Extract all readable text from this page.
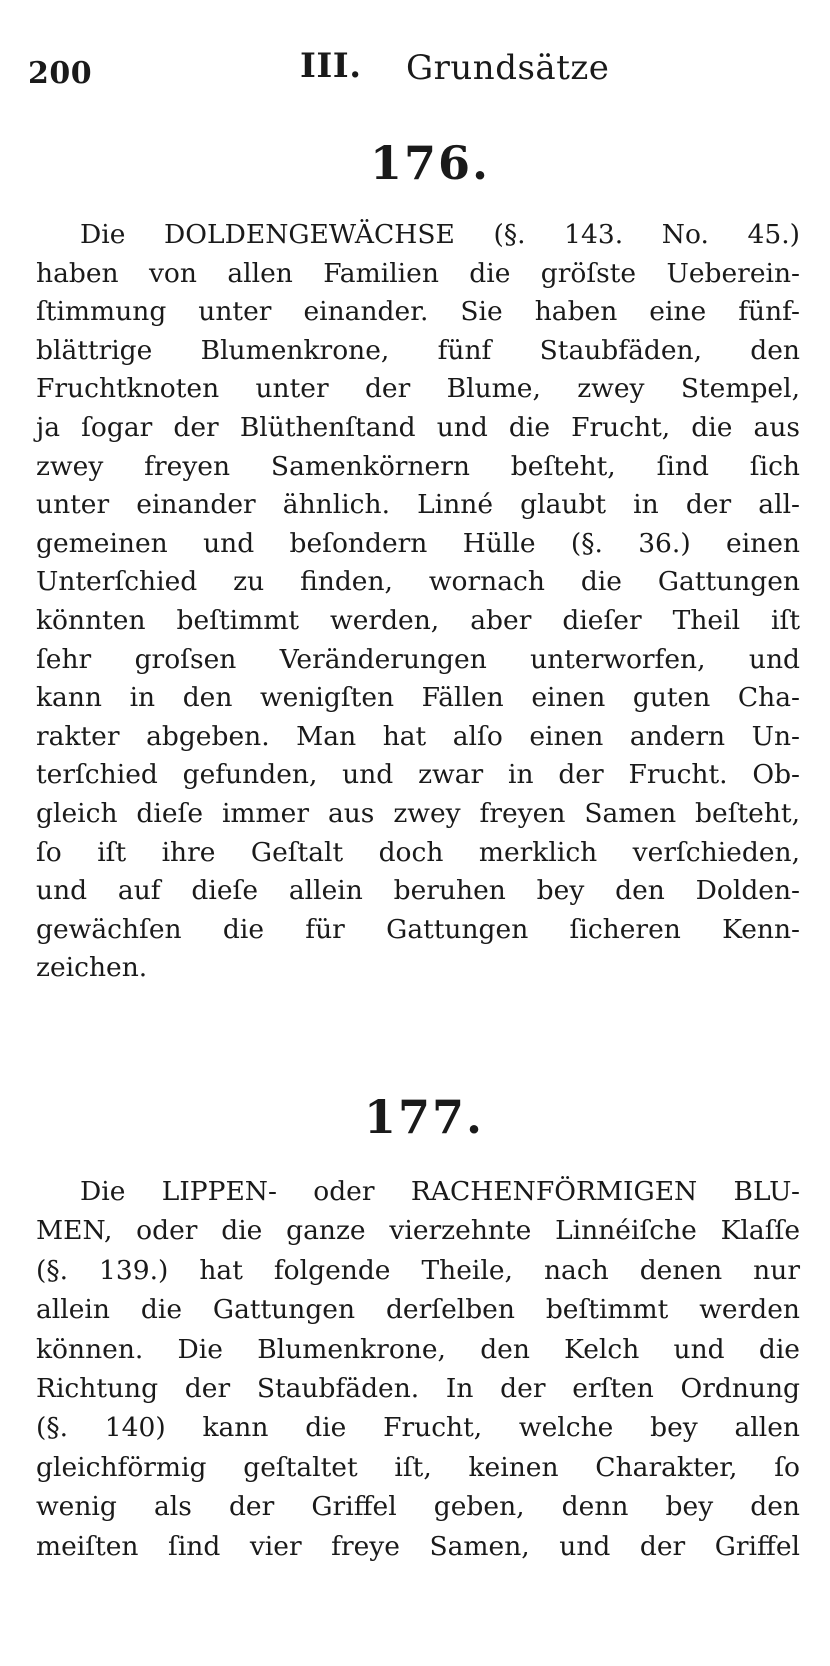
200	III. Grundsätze
176.
Die DOLDENGEWÄCHSE (§. 143. No. 45.)
haben von allen Familien die gröſste Ueberein-
ſtimmung unter einander. Sie haben eine fünf-
blättrige Blumenkrone, fünf Staubfäden, den
Fruchtknoten unter der Blume, zwey Stempel,
ja ſogar der Blüthenſtand und die Frucht, die aus
zwey freyen Samenkörnern beſteht, ſind ſich
unter einander ähnlich. Linné glaubt in der all-
gemeinen und beſondern Hülle (§. 36.) einen
Unterſchied zu finden, wornach die Gattungen
könnten beſtimmt werden, aber dieſer Theil iſt
ſehr groſsen Veränderungen unterworfen, und
kann in den wenigſten Fällen einen guten Cha-
rakter abgeben. Man hat alſo einen andern Un-
terſchied gefunden, und zwar in der Frucht. Ob-
gleich dieſe immer aus zwey freyen Samen beſteht,
ſo iſt ihre Geſtalt doch merklich verſchieden,
und auf dieſe allein beruhen bey den Dolden-
gewächſen die für Gattungen ſicheren Kenn-
zeichen.
177.
Die LIPPEN- oder RACHENFÖRMIGEN BLU-
MEN, oder die ganze vierzehnte Linnéiſche Klaſſe
(§. 139.) hat folgende Theile, nach denen nur
allein die Gattungen derſelben beſtimmt werden
können. Die Blumenkrone, den Kelch und die
Richtung der Staubfäden. In der erſten Ordnung
(§. 140) kann die Frucht, welche bey allen
gleichförmig geſtaltet iſt, keinen Charakter, ſo
wenig als der Griffel geben, denn bey den
meiſten ſind vier freye Samen, und der Griffel
